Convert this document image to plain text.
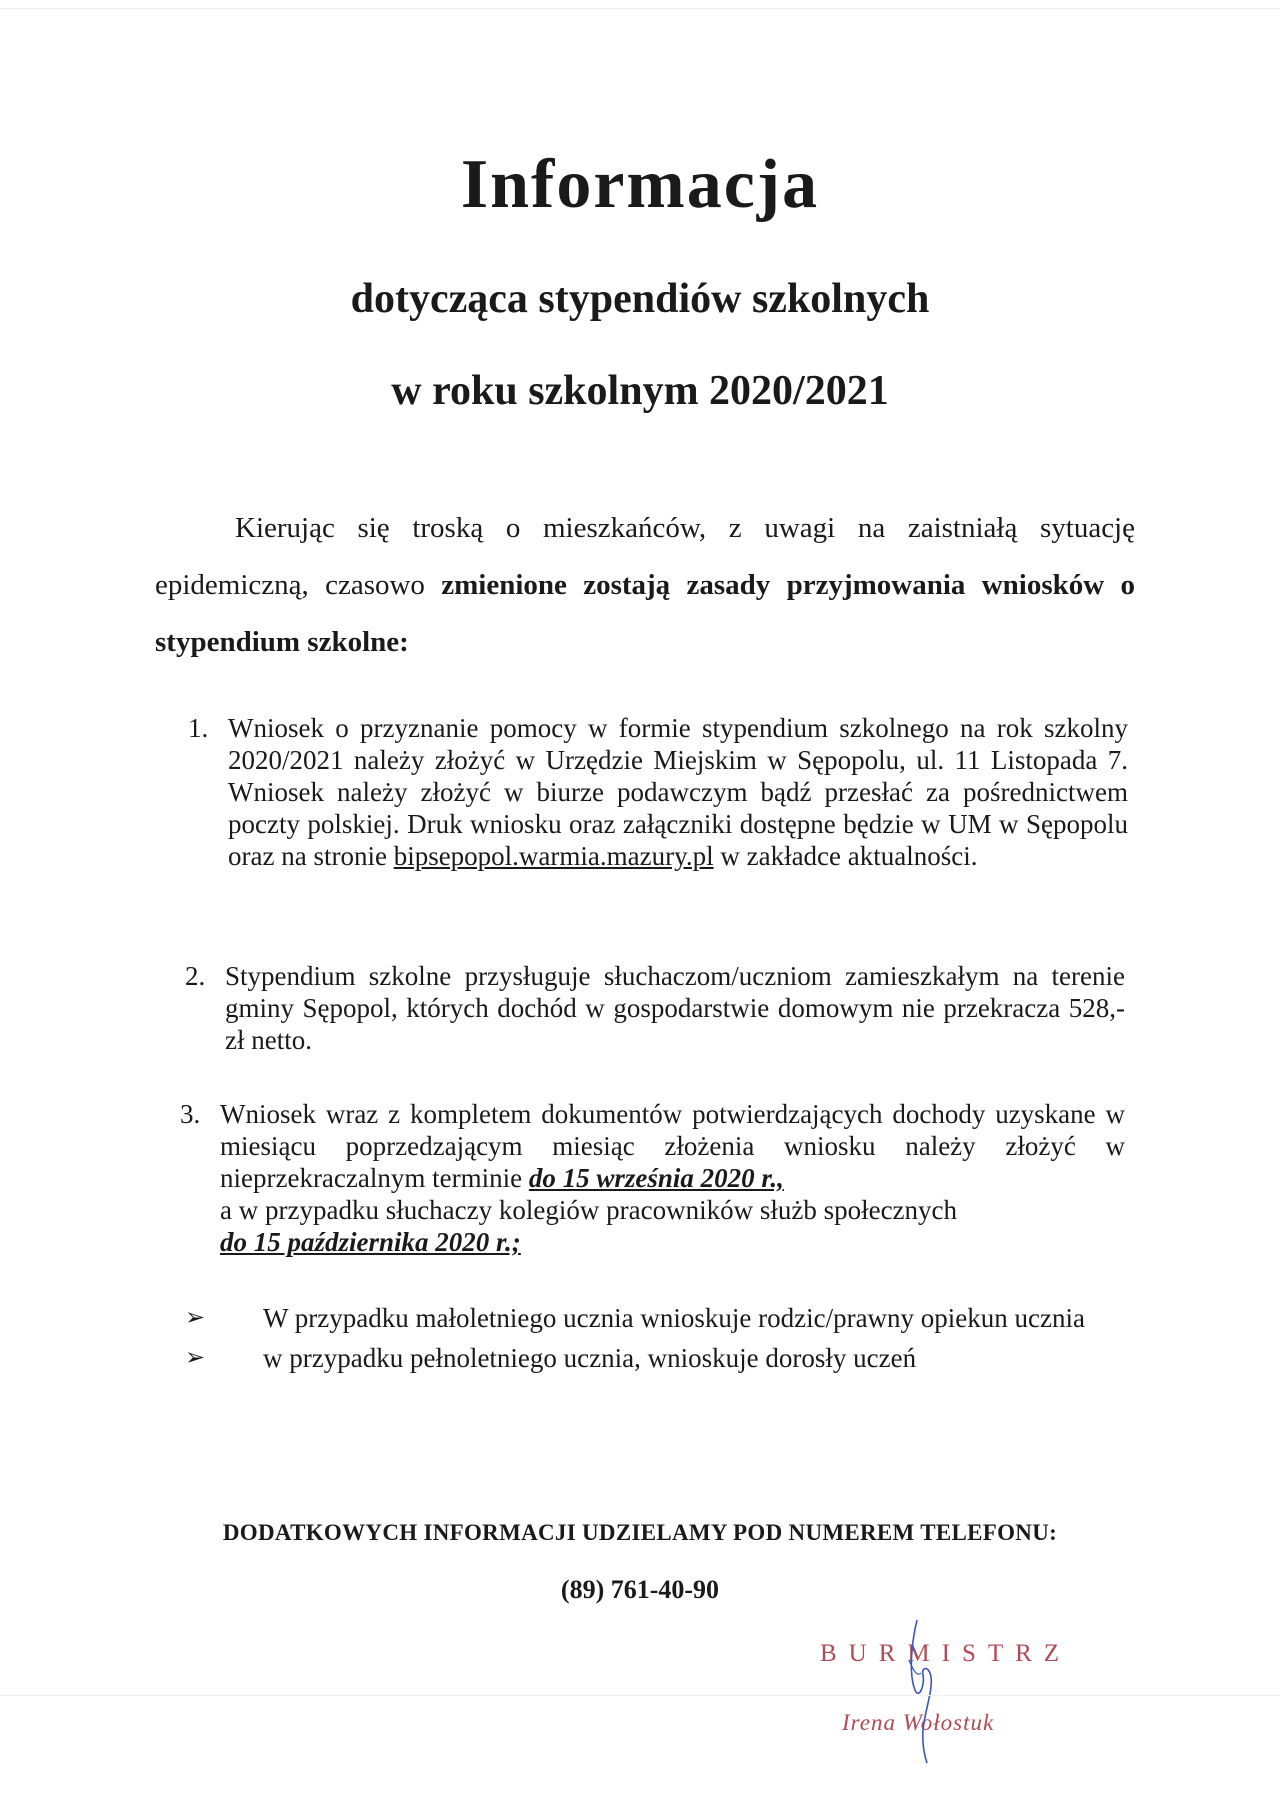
Informacja
dotycząca stypendiów szkolnych
w roku szkolnym 2020/2021
Kierując się troską o mieszkańców, z uwagi na zaistniałą sytuację epidemiczną, czasowo zmienione zostają zasady przyjmowania wniosków o stypendium szkolne:
1. Wniosek o przyznanie pomocy w formie stypendium szkolnego na rok szkolny 2020/2021 należy złożyć w Urzędzie Miejskim w Sępopolu, ul. 11 Listopada 7. Wniosek należy złożyć w biurze podawczym bądź przesłać za pośrednictwem poczty polskiej. Druk wniosku oraz załączniki dostępne będzie w UM w Sępopolu oraz na stronie bipsepopol.warmia.mazury.pl w zakładce aktualności.
2. Stypendium szkolne przysługuje słuchaczom/uczniom zamieszkałym na terenie gminy Sępopol, których dochód w gospodarstwie domowym nie przekracza 528,- zł netto.
3. Wniosek wraz z kompletem dokumentów potwierdzających dochody uzyskane w miesiącu poprzedzającym miesiąc złożenia wniosku należy złożyć w nieprzekraczalnym terminie do 15 września 2020 r.,
a w przypadku słuchaczy kolegiów pracowników służb społecznych
do 15 października 2020 r.;
➢ W przypadku małoletniego ucznia wnioskuje rodzic/prawny opiekun ucznia
➢ w przypadku pełnoletniego ucznia, wnioskuje dorosły uczeń
DODATKOWYCH INFORMACJI UDZIELAMY POD NUMEREM TELEFONU:
(89) 761-40-90
BURMISTRZ
Irena Wołostuk
